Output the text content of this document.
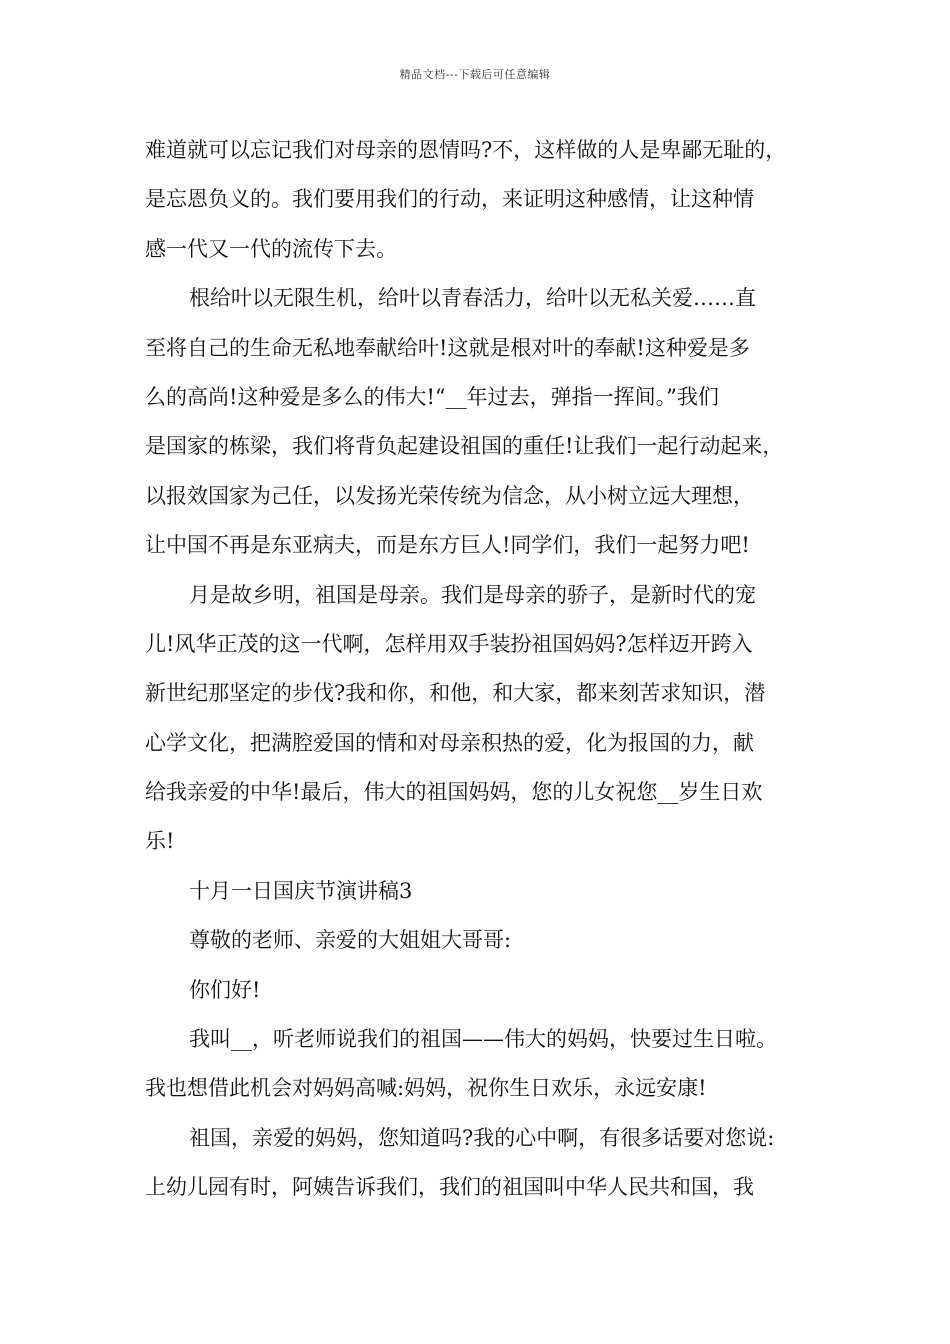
精品文档---下载后可任意编辑
难道就可以忘记我们对母亲的恩情吗?不，这样做的人是卑鄙无耻的，
是忘恩负义的。我们要用我们的行动，来证明这种感情，让这种情
感一代又一代的流传下去。
根给叶以无限生机，给叶以青春活力，给叶以无私关爱……直
至将自己的生命无私地奉献给叶!这就是根对叶的奉献!这种爱是多
么的高尚!这种爱是多么的伟大!“__年过去，弹指一挥间。”我们
是国家的栋梁，我们将背负起建设祖国的重任!让我们一起行动起来，
以报效国家为己任，以发扬光荣传统为信念，从小树立远大理想，
让中国不再是东亚病夫，而是东方巨人!同学们，我们一起努力吧!
月是故乡明，祖国是母亲。我们是母亲的骄子，是新时代的宠
儿!风华正茂的这一代啊，怎样用双手装扮祖国妈妈?怎样迈开跨入
新世纪那坚定的步伐?我和你，和他，和大家，都来刻苦求知识，潜
心学文化，把满腔爱国的情和对母亲积热的爱，化为报国的力，献
给我亲爱的中华!最后，伟大的祖国妈妈，您的儿女祝您__岁生日欢
乐!
十月一日国庆节演讲稿3
尊敬的老师、亲爱的大姐姐大哥哥:
你们好!
我叫__，听老师说我们的祖国——伟大的妈妈，快要过生日啦。
我也想借此机会对妈妈高喊:妈妈，祝你生日欢乐，永远安康!
祖国，亲爱的妈妈，您知道吗?我的心中啊，有很多话要对您说:
上幼儿园有时，阿姨告诉我们，我们的祖国叫中华人民共和国，我
